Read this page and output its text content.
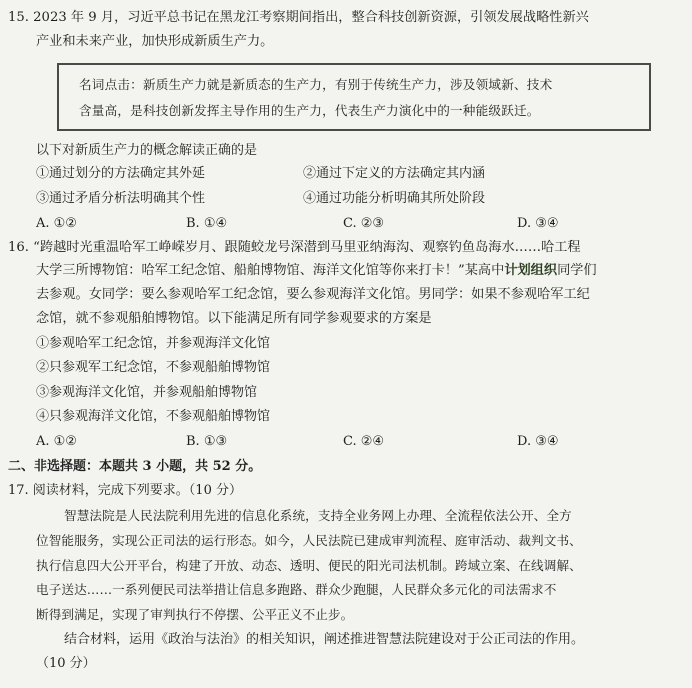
15. 2023 年 9 月，习近平总书记在黑龙江考察期间指出，整合科技创新资源，引领发展战略性新兴
产业和未来产业，加快形成新质生产力。
名词点击：新质生产力就是新质态的生产力，有别于传统生产力，涉及领域新、技术
含量高，是科技创新发挥主导作用的生产力，代表生产力演化中的一种能级跃迁。
以下对新质生产力的概念解读正确的是
①通过划分的方法确定其外延	②通过下定义的方法确定其内涵
③通过矛盾分析法明确其个性	④通过功能分析明确其所处阶段
A. ①②	B. ①④	C. ②③	D. ③④
16. “跨越时光重温哈军工峥嵘岁月、跟随蛟龙号深潜到马里亚纳海沟、观察钓鱼岛海水……哈工程
大学三所博物馆：哈军工纪念馆、船舶博物馆、海洋文化馆等你来打卡！”某高中计划组织同学们
去参观。女同学：要么参观哈军工纪念馆，要么参观海洋文化馆。男同学：如果不参观哈军工纪
念馆，就不参观船舶博物馆。以下能满足所有同学参观要求的方案是
①参观哈军工纪念馆，并参观海洋文化馆
②只参观军工纪念馆，不参观船舶博物馆
③参观海洋文化馆，并参观船舶博物馆
④只参观海洋文化馆，不参观船舶博物馆
A. ①②	B. ①③	C. ②④	D. ③④
二、非选择题：本题共 3 小题，共 52 分。
17. 阅读材料，完成下列要求。（10 分）
智慧法院是人民法院利用先进的信息化系统，支持全业务网上办理、全流程依法公开、全方
位智能服务，实现公正司法的运行形态。如今，人民法院已建成审判流程、庭审活动、裁判文书、
执行信息四大公开平台，构建了开放、动态、透明、便民的阳光司法机制。跨域立案、在线调解、
电子送达……一系列便民司法举措让信息多跑路、群众少跑腿，人民群众多元化的司法需求不
断得到满足，实现了审判执行不停摆、公平正义不止步。
结合材料，运用《政治与法治》的相关知识，阐述推进智慧法院建设对于公正司法的作用。
（10 分）
